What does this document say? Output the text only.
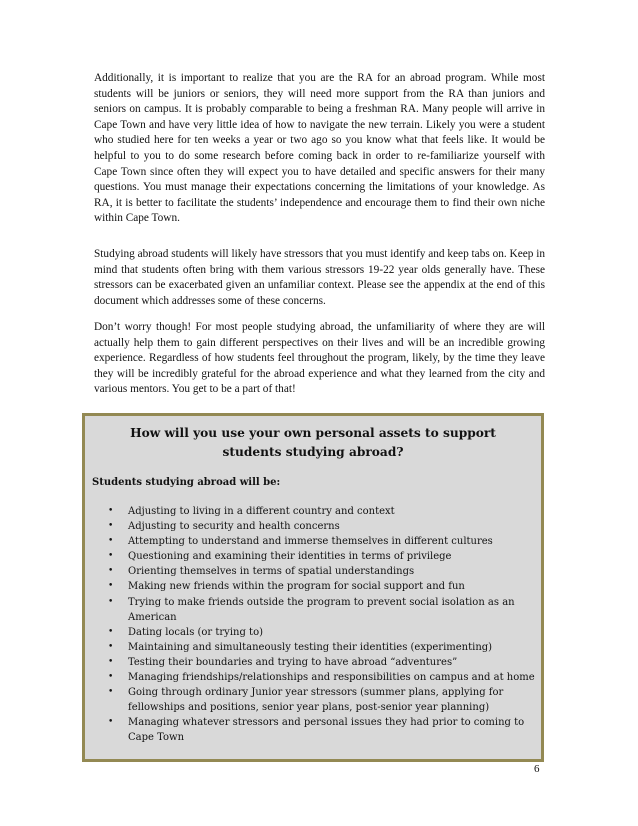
Additionally, it is important to realize that you are the RA for an abroad program. While most students will be juniors or seniors, they will need more support from the RA than juniors and seniors on campus. It is probably comparable to being a freshman RA. Many people will arrive in Cape Town and have very little idea of how to navigate the new terrain. Likely you were a student who studied here for ten weeks a year or two ago so you know what that feels like. It would be helpful to you to do some research before coming back in order to re-familiarize yourself with Cape Town since often they will expect you to have detailed and specific answers for their many questions. You must manage their expectations concerning the limitations of your knowledge. As RA, it is better to facilitate the students’ independence and encourage them to find their own niche within Cape Town.

Studying abroad students will likely have stressors that you must identify and keep tabs on. Keep in mind that students often bring with them various stressors 19-22 year olds generally have. These stressors can be exacerbated given an unfamiliar context. Please see the appendix at the end of this document which addresses some of these concerns.

Don’t worry though! For most people studying abroad, the unfamiliarity of where they are will actually help them to gain different perspectives on their lives and will be an incredible growing experience. Regardless of how students feel throughout the program, likely, by the time they leave they will be incredibly grateful for the abroad experience and what they learned from the city and various mentors. You get to be a part of that!

How will you use your own personal assets to support students studying abroad?

Students studying abroad will be:

• Adjusting to living in a different country and context
• Adjusting to security and health concerns
• Attempting to understand and immerse themselves in different cultures
• Questioning and examining their identities in terms of privilege
• Orienting themselves in terms of spatial understandings
• Making new friends within the program for social support and fun
• Trying to make friends outside the program to prevent social isolation as an American
• Dating locals (or trying to)
• Maintaining and simultaneously testing their identities (experimenting)
• Testing their boundaries and trying to have abroad “adventures”
• Managing friendships/relationships and responsibilities on campus and at home
• Going through ordinary Junior year stressors (summer plans, applying for fellowships and positions, senior year plans, post-senior year planning)
• Managing whatever stressors and personal issues they had prior to coming to Cape Town
6
